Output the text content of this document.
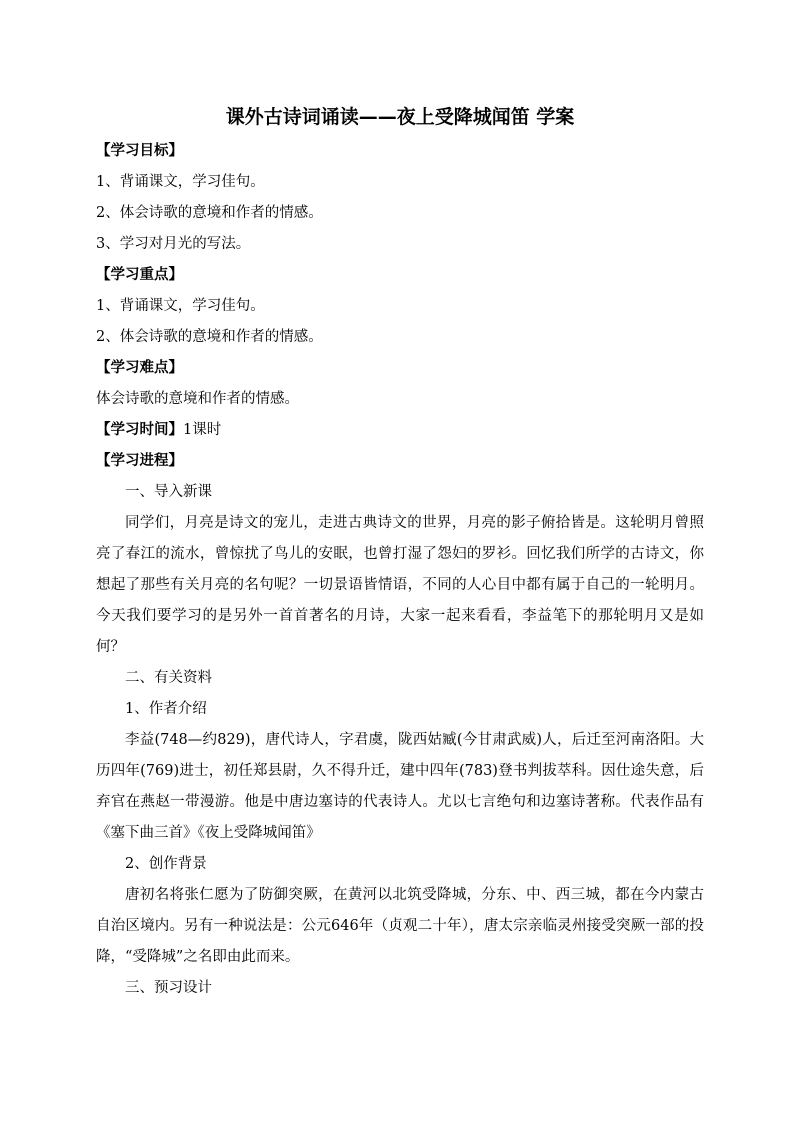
课外古诗词诵读——夜上受降城闻笛 学案
【学习目标】
1、背诵课文，学习佳句。
2、体会诗歌的意境和作者的情感。
3、学习对月光的写法。
【学习重点】
1、背诵课文，学习佳句。
2、体会诗歌的意境和作者的情感。
【学习难点】
体会诗歌的意境和作者的情感。
【学习时间】1课时
【学习进程】
一、导入新课

同学们，月亮是诗文的宠儿，走进古典诗文的世界，月亮的影子俯拾皆是。这轮明月曾照亮了春江的流水，曾惊扰了鸟儿的安眠，也曾打湿了怨妇的罗衫。回忆我们所学的古诗文，你想起了那些有关月亮的名句呢？一切景语皆情语，不同的人心目中都有属于自己的一轮明月。今天我们要学习的是另外一首首著名的月诗，大家一起来看看，李益笔下的那轮明月又是如何？

二、有关资料
1、作者介绍

李益(748—约829)，唐代诗人，字君虞，陇西姑臧(今甘肃武威)人，后迁至河南洛阳。大历四年(769)进士，初任郑县尉，久不得升迁，建中四年(783)登书判拔萃科。因仕途失意，后弃官在燕赵一带漫游。他是中唐边塞诗的代表诗人。尤以七言绝句和边塞诗著称。代表作品有《塞下曲三首》《夜上受降城闻笛》

2、创作背景

唐初名将张仁愿为了防御突厥，在黄河以北筑受降城，分东、中、西三城，都在今内蒙古自治区境内。另有一种说法是：公元646年（贞观二十年），唐太宗亲临灵州接受突厥一部的投降，“受降城”之名即由此而来。

三、预习设计
